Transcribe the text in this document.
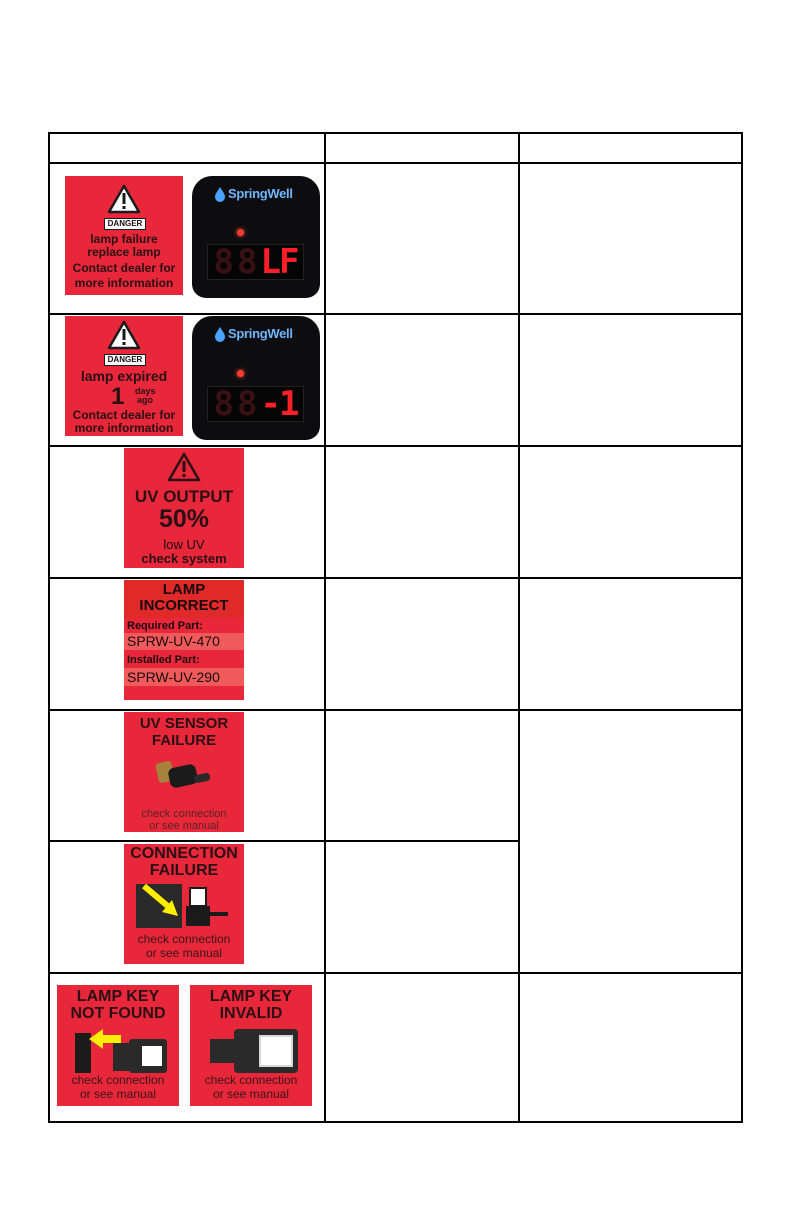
DANGER
lamp failure
replace lamp
Contact dealer for
more information
SpringWell
8 8 LF
DANGER
lamp expired
1 days
ago
Contact dealer for
more information
SpringWell
8 8 -1
UV OUTPUT
50%
low UV
check system
LAMP
INCORRECT
Required Part:
SPRW-UV-470
Installed Part:
SPRW-UV-290
UV SENSOR
FAILURE
check connection
or see manual
CONNECTION
FAILURE
check connection
or see manual
LAMP KEY
NOT FOUND
check connection
or see manual
LAMP KEY
INVALID
check connection
or see manual
